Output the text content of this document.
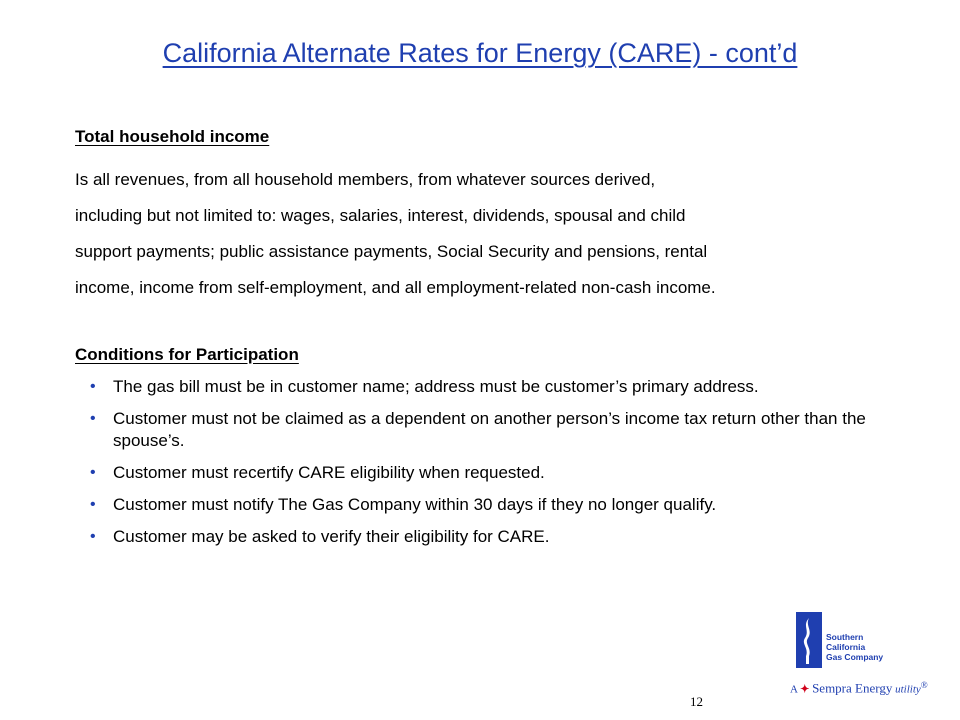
California Alternate Rates for Energy (CARE) - cont’d
Total household income

Is all revenues, from all household members, from whatever sources derived,
including but not limited to: wages, salaries, interest, dividends, spousal and child
support payments; public assistance payments, Social Security and pensions, rental
income, income from self-employment, and all employment-related non-cash income.

Conditions for Participation
• The gas bill must be in customer name; address must be customer’s primary address.
• Customer must not be claimed as a dependent on another person’s income tax return other than the spouse’s.
• Customer must recertify CARE eligibility when requested.
• Customer must notify The Gas Company within 30 days if they no longer qualify.
• Customer may be asked to verify their eligibility for CARE.
12

Southern
California
Gas Company

A ✦ Sempra Energy utility®
